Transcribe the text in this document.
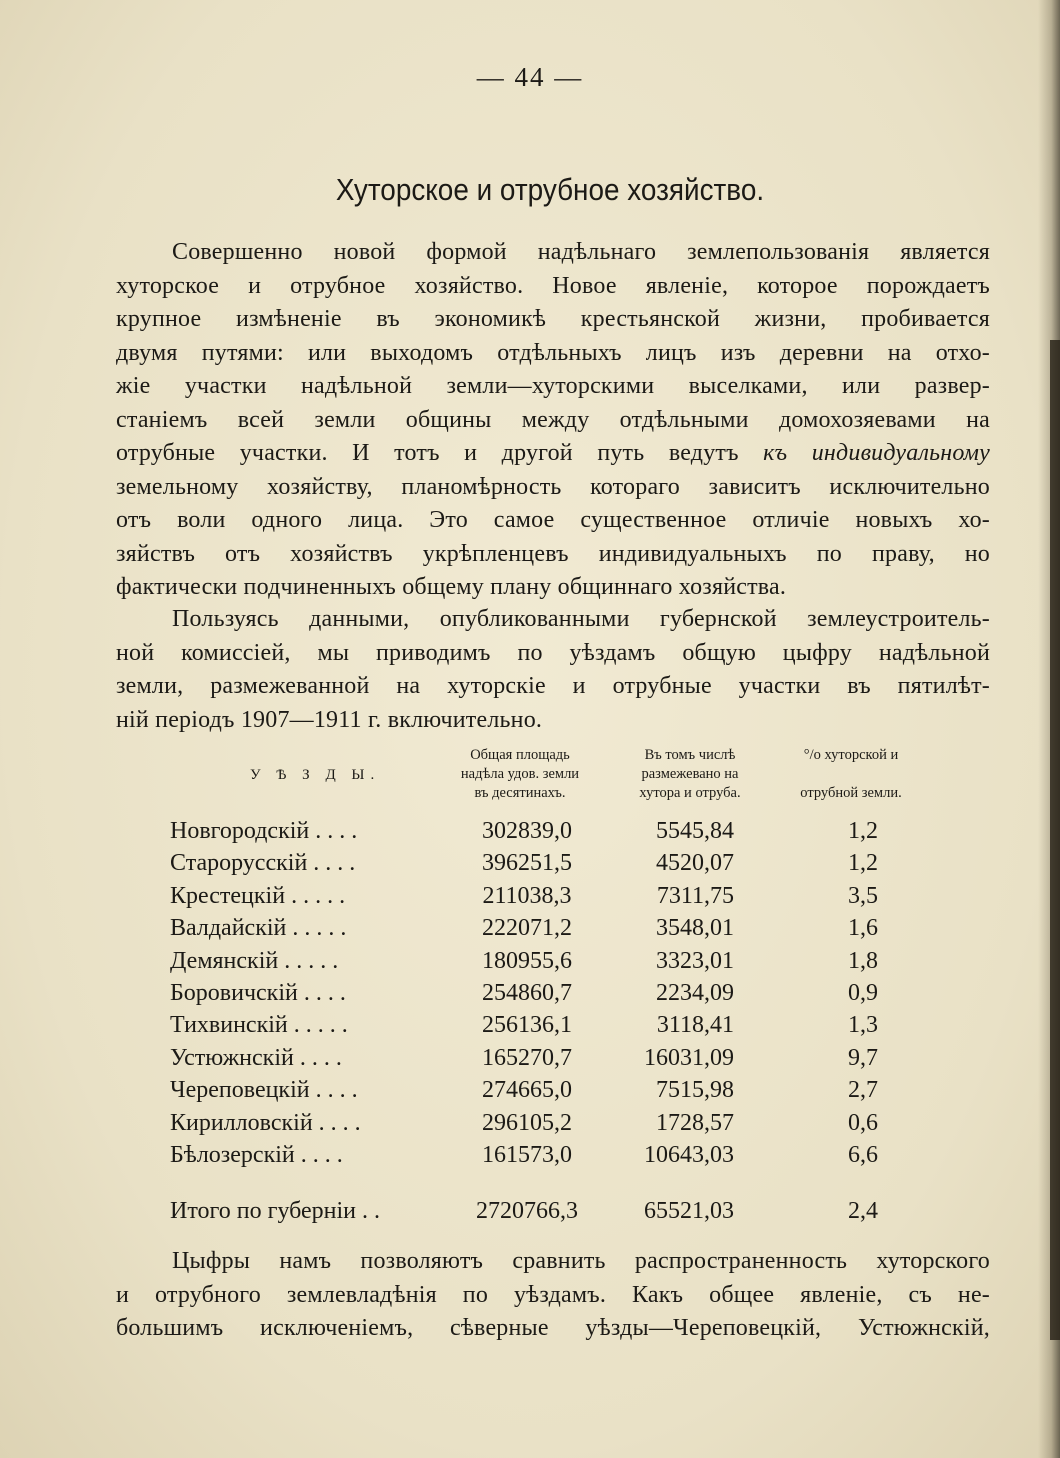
— 44 —
Хуторское и отрубное хозяйство.
Совершенно новой формой надѣльнаго землепользованія является
хуторское и отрубное хозяйство. Новое явленіе, которое порождаетъ
крупное измѣненіе въ экономикѣ крестьянской жизни, пробивается
двумя путями: или выходомъ отдѣльныхъ лицъ изъ деревни на отхо-
жіе участки надѣльной земли—хуторскими выселками, или развер-
станіемъ всей земли общины между отдѣльными домохозяевами на
отрубные участки. И тотъ и другой путь ведутъ къ индивидуальному
земельному хозяйству, планомѣрность котораго зависитъ исключительно
отъ воли одного лица. Это самое существенное отличіе новыхъ хо-
зяйствъ отъ хозяйствъ укрѣпленцевъ индивидуальныхъ по праву, но
фактически подчиненныхъ общему плану общиннаго хозяйства.
Пользуясь данными, опубликованными губернской землеустроитель-
ной комиссіей, мы приводимъ по уѣздамъ общую цыфру надѣльной
земли, размежеванной на хуторскіе и отрубные участки въ пятилѣт-
ній періодъ 1907—1911 г. включительно.
У Ѣ З Д Ы.
Общая площадь
надѣла удов. земли
въ десятинахъ.
Въ томъ числѣ
размежевано на
хутора и отруба.
°/о хуторской и
отрубной земли.
Новгородскій . . . .	302839,0	5545,84	1,2
Старорусскій . . . .	396251,5	4520,07	1,2
Крестецкій . . . . .	211038,3	7311,75	3,5
Валдайскій . . . . .	222071,2	3548,01	1,6
Демянскій . . . . .	180955,6	3323,01	1,8
Боровичскій . . . .	254860,7	2234,09	0,9
Тихвинскій . . . . .	256136,1	3118,41	1,3
Устюжнскій . . . .	165270,7	16031,09	9,7
Череповецкій . . . .	274665,0	7515,98	2,7
Кирилловскій . . . .	296105,2	1728,57	0,6
Бѣлозерскій . . . .	161573,0	10643,03	6,6
Итого по губерніи . .	2720766,3	65521,03	2,4
Цыфры намъ позволяютъ сравнить распространенность хуторского
и отрубного землевладѣнія по уѣздамъ. Какъ общее явленіе, съ не-
большимъ исключеніемъ, сѣверные уѣзды—Череповецкій, Устюжнскій,
